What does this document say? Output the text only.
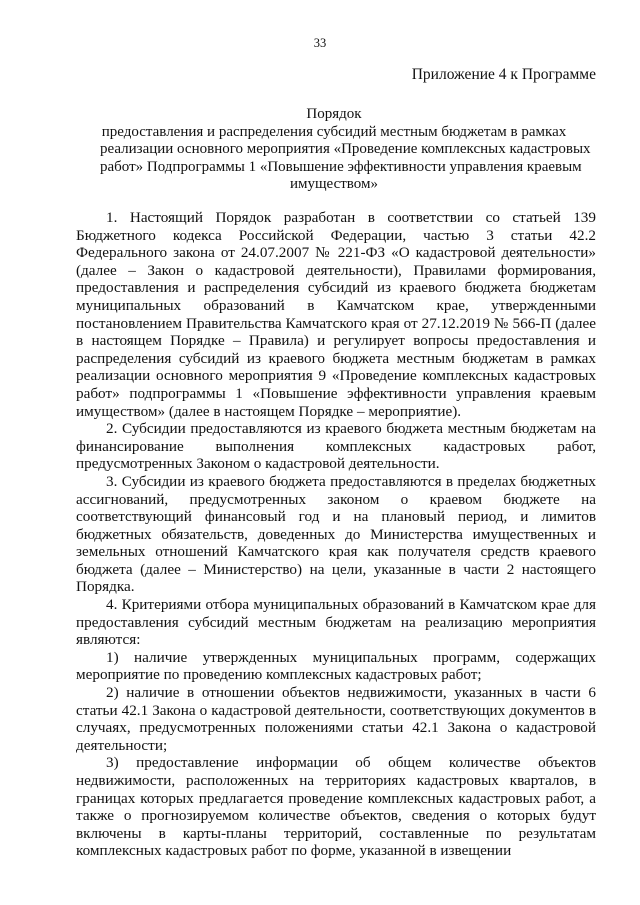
33
Приложение 4 к Программе
Порядок
предоставления и распределения субсидий местным бюджетам в рамках
реализации основного мероприятия «Проведение комплексных кадастровых
работ» Подпрограммы 1 «Повышение эффективности управления краевым
имуществом»

1. Настоящий Порядок разработан в соответствии со статьей 139 Бюджетного кодекса Российской Федерации, частью 3 статьи 42.2 Федерального закона от 24.07.2007 № 221-ФЗ «О кадастровой деятельности» (далее – Закон о кадастровой деятельности), Правилами формирования, предоставления и распределения субсидий из краевого бюджета бюджетам муниципальных образований в Камчатском крае, утвержденными постановлением Правительства Камчатского края от 27.12.2019 № 566-П (далее в настоящем Порядке – Правила) и регулирует вопросы предоставления и распределения субсидий из краевого бюджета местным бюджетам в рамках реализации основного мероприятия 9 «Проведение комплексных кадастровых работ» подпрограммы 1 «Повышение эффективности управления краевым имуществом» (далее в настоящем Порядке – мероприятие).

2. Субсидии предоставляются из краевого бюджета местным бюджетам на финансирование выполнения комплексных кадастровых работ, предусмотренных Законом о кадастровой деятельности.

3. Субсидии из краевого бюджета предоставляются в пределах бюджетных ассигнований, предусмотренных законом о краевом бюджете на соответствующий финансовый год и на плановый период, и лимитов бюджетных обязательств, доведенных до Министерства имущественных и земельных отношений Камчатского края как получателя средств краевого бюджета (далее – Министерство) на цели, указанные в части 2 настоящего Порядка.

4. Критериями отбора муниципальных образований в Камчатском крае для предоставления субсидий местным бюджетам на реализацию мероприятия являются:

1) наличие утвержденных муниципальных программ, содержащих мероприятие по проведению комплексных кадастровых работ;

2) наличие в отношении объектов недвижимости, указанных в части 6 статьи 42.1 Закона о кадастровой деятельности, соответствующих документов в случаях, предусмотренных положениями статьи 42.1 Закона о кадастровой деятельности;

3) предоставление информации об общем количестве объектов недвижимости, расположенных на территориях кадастровых кварталов, в границах которых предлагается проведение комплексных кадастровых работ, а также о прогнозируемом количестве объектов, сведения о которых будут включены в карты-планы территорий, составленные по результатам комплексных кадастровых работ по форме, указанной в извещении
